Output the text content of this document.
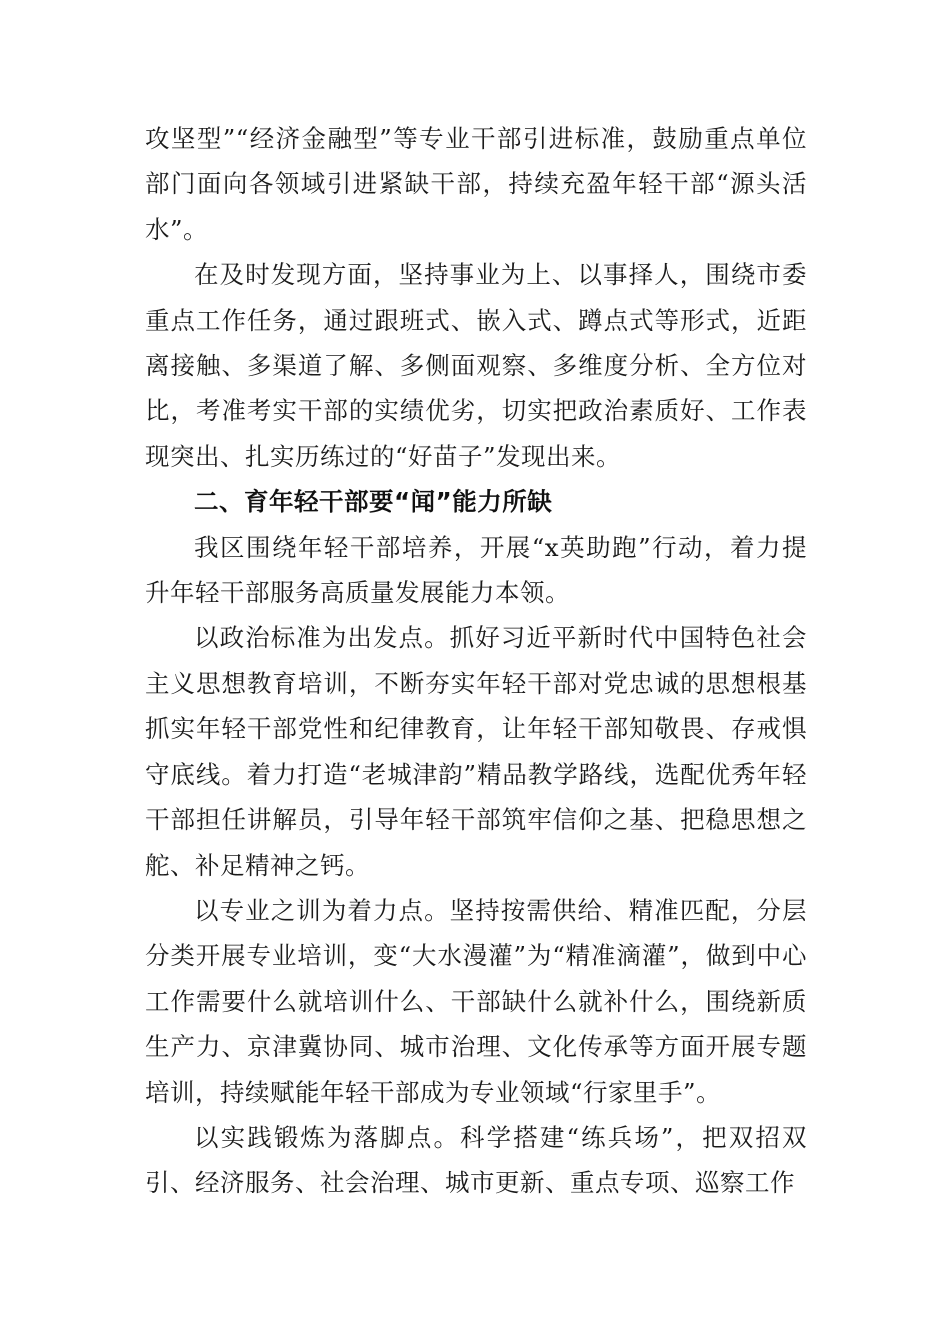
攻坚型”“经济金融型”等专业干部引进标准，鼓励重点单位部门面向各领域引进紧缺干部，持续充盈年轻干部“源头活水”。

在及时发现方面，坚持事业为上、以事择人，围绕市委重点工作任务，通过跟班式、嵌入式、蹲点式等形式，近距离接触、多渠道了解、多侧面观察、多维度分析、全方位对比，考准考实干部的实绩优劣，切实把政治素质好、工作表现突出、扎实历练过的“好苗子”发现出来。

二、育年轻干部要“闻”能力所缺

我区围绕年轻干部培养，开展“x英助跑”行动，着力提升年轻干部服务高质量发展能力本领。

以政治标准为出发点。抓好习近平新时代中国特色社会主义思想教育培训，不断夯实年轻干部对党忠诚的思想根基抓实年轻干部党性和纪律教育，让年轻干部知敬畏、存戒惧守底线。着力打造“老城津韵”精品教学路线，选配优秀年轻干部担任讲解员，引导年轻干部筑牢信仰之基、把稳思想之舵、补足精神之钙。

以专业之训为着力点。坚持按需供给、精准匹配，分层分类开展专业培训，变“大水漫灌”为“精准滴灌”，做到中心工作需要什么就培训什么、干部缺什么就补什么，围绕新质生产力、京津冀协同、城市治理、文化传承等方面开展专题培训，持续赋能年轻干部成为专业领域“行家里手”。

以实践锻炼为落脚点。科学搭建“练兵场”，把双招双引、经济服务、社会治理、城市更新、重点专项、巡察工作
